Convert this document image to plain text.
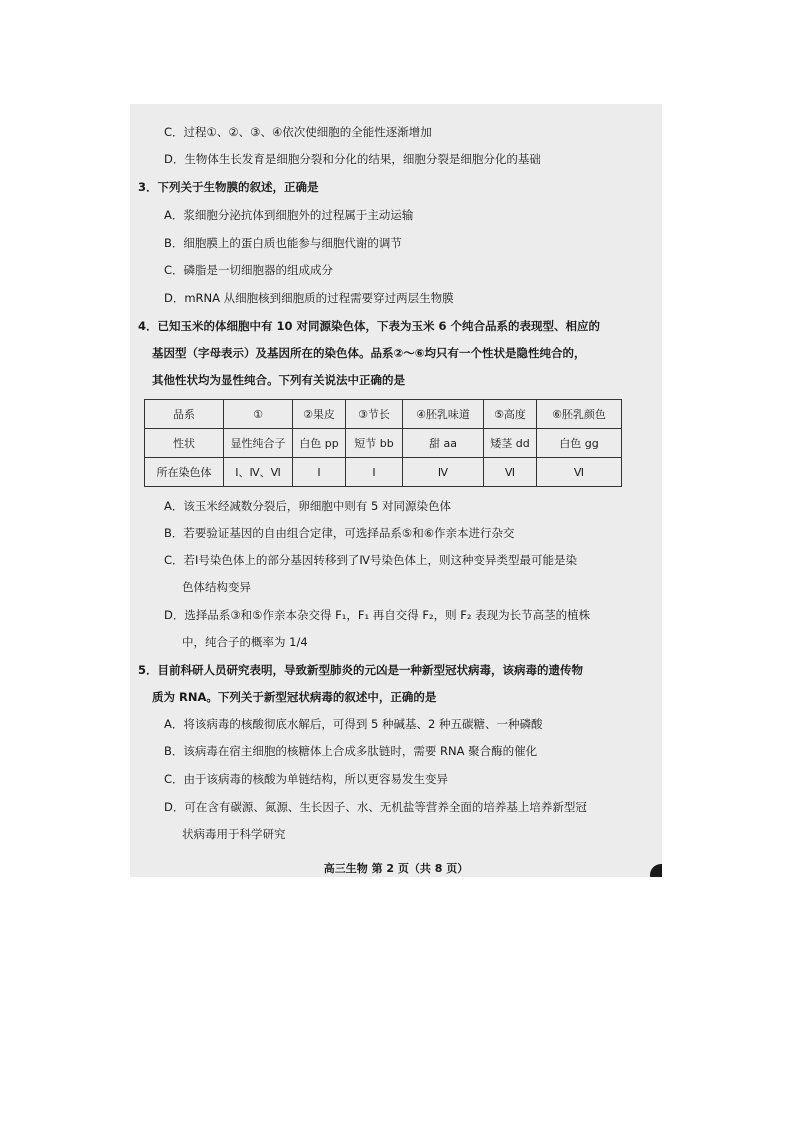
C．过程①、②、③、④依次使细胞的全能性逐渐增加
D．生物体生长发育是细胞分裂和分化的结果，细胞分裂是细胞分化的基础
3．下列关于生物膜的叙述，正确是
A．浆细胞分泌抗体到细胞外的过程属于主动运输
B．细胞膜上的蛋白质也能参与细胞代谢的调节
C．磷脂是一切细胞器的组成成分
D．mRNA 从细胞核到细胞质的过程需要穿过两层生物膜
4．已知玉米的体细胞中有 10 对同源染色体，下表为玉米 6 个纯合品系的表现型、相应的
基因型（字母表示）及基因所在的染色体。品系②～⑥均只有一个性状是隐性纯合的，
其他性状均为显性纯合。下列有关说法中正确的是
品系	①	②果皮	③节长	④胚乳味道	⑤高度	⑥胚乳颜色
性状	显性纯合子	白色 pp	短节 bb	甜 aa	矮茎 dd	白色 gg
所在染色体	Ⅰ、Ⅳ、Ⅵ	Ⅰ	Ⅰ	Ⅳ	Ⅵ	Ⅵ
A．该玉米经减数分裂后，卵细胞中则有 5 对同源染色体
B．若要验证基因的自由组合定律，可选择品系⑤和⑥作亲本进行杂交
C．若Ⅰ号染色体上的部分基因转移到了Ⅳ号染色体上，则这种变异类型最可能是染
色体结构变异
D．选择品系③和⑤作亲本杂交得 F₁，F₁ 再自交得 F₂，则 F₂ 表现为长节高茎的植株
中，纯合子的概率为 1/4
5．目前科研人员研究表明，导致新型肺炎的元凶是一种新型冠状病毒，该病毒的遗传物
质为 RNA。下列关于新型冠状病毒的叙述中，正确的是
A．将该病毒的核酸彻底水解后，可得到 5 种碱基、2 种五碳糖、一种磷酸
B．该病毒在宿主细胞的核糖体上合成多肽链时，需要 RNA 聚合酶的催化
C．由于该病毒的核酸为单链结构，所以更容易发生变异
D．可在含有碳源、氮源、生长因子、水、无机盐等营养全面的培养基上培养新型冠
状病毒用于科学研究
高三生物 第 2 页（共 8 页）
